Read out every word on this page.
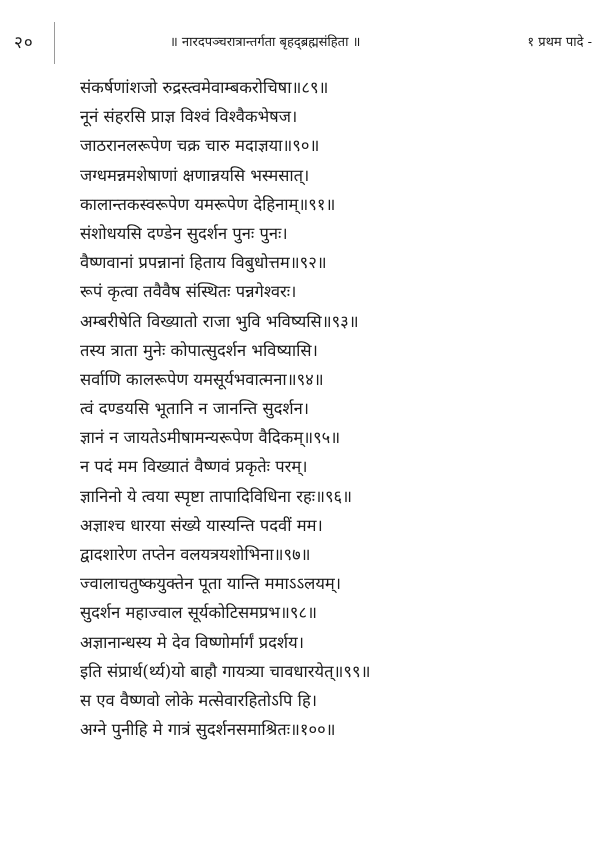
२०	॥ नारदपञ्चरात्रान्तर्गता बृहद्ब्रह्मसंहिता ॥	१ प्रथम पादे -
संकर्षणांशजो रुद्रस्त्वमेवाम्बकरोचिषा॥८९॥
नूनं संहरसि प्राज्ञ विश्वं विश्वैकभेषज।
जाठरानलरूपेण चक्र चारु मदाज्ञया॥९०॥
जग्धमन्नमशेषाणां क्षणान्नयसि भस्मसात्।
कालान्तकस्वरूपेण यमरूपेण देहिनाम्॥९१॥
संशोधयसि दण्डेन सुदर्शन पुनः पुनः।
वैष्णवानां प्रपन्नानां हिताय विबुधोत्तम॥९२॥
रूपं कृत्वा तवैवैष संस्थितः पन्नगेश्वरः।
अम्बरीषेति विख्यातो राजा भुवि भविष्यसि॥९३॥
तस्य त्राता मुनेः कोपात्सुदर्शन भविष्यासि।
सर्वाणि कालरूपेण यमसूर्यभवात्मना॥९४॥
त्वं दण्डयसि भूतानि न जानन्ति सुदर्शन।
ज्ञानं न जायतेऽमीषामन्यरूपेण वैदिकम्॥९५॥
न पदं मम विख्यातं वैष्णवं प्रकृतेः परम्।
ज्ञानिनो ये त्वया स्पृष्टा तापादिविधिना रहः॥९६॥
अज्ञाश्च धारया संख्ये यास्यन्ति पदवीं मम।
द्वादशारेण तप्तेन वलयत्रयशोभिना॥९७॥
ज्वालाचतुष्कयुक्तेन पूता यान्ति ममाऽऽलयम्।
सुदर्शन महाज्वाल सूर्यकोटिसमप्रभ॥९८॥
अज्ञानान्धस्य मे देव विष्णोर्मार्गं प्रदर्शय।
इति संप्रार्थ(र्थ्य)यो बाहौ गायत्र्या चावधारयेत्॥९९॥
स एव वैष्णवो लोके मत्सेवारहितोऽपि हि।
अग्ने पुनीहि मे गात्रं सुदर्शनसमाश्रितः॥१००॥
